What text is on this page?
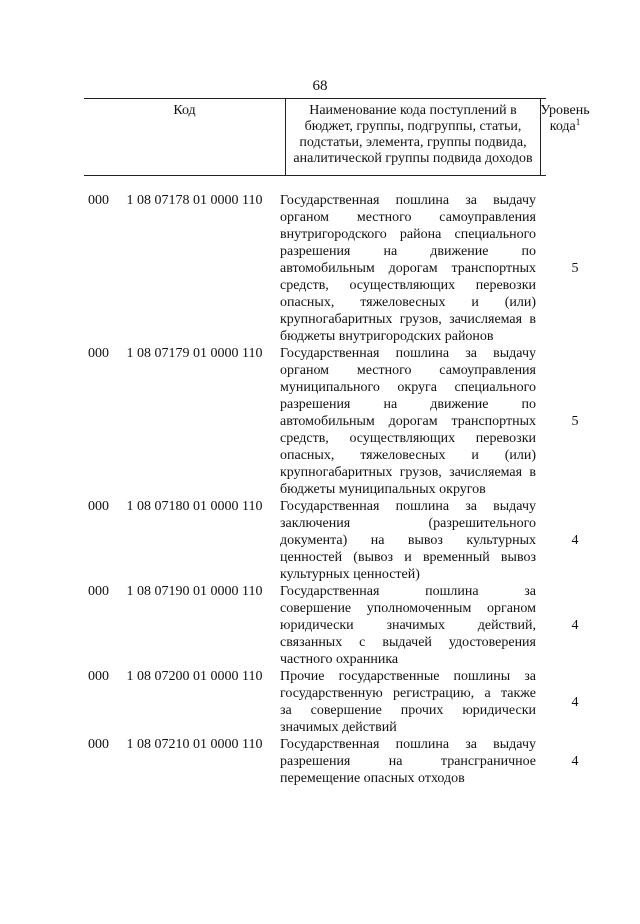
68
Код	Наименование кода поступлений в
бюджет, группы, подгруппы, статьи,
подстатьи, элемента, группы подвида,
аналитической группы подвида доходов
Уровень
кода$^1$
000     1 08 07178 01 0000 110 Государственная пошлина за выдачу
органом местного самоуправления
внутригородского района специального
разрешения на движение по
автомобильным дорогам транспортных
средств, осуществляющих перевозки
опасных, тяжеловесных и (или)
крупногабаритных грузов, зачисляемая в
бюджеты внутригородских районов
5
000     1 08 07179 01 0000 110 Государственная пошлина за выдачу
органом местного самоуправления
муниципального округа специального
разрешения на движение по
автомобильным дорогам транспортных
средств, осуществляющих перевозки
опасных, тяжеловесных и (или)
крупногабаритных грузов, зачисляемая в
бюджеты муниципальных округов
5
000     1 08 07180 01 0000 110 Государственная пошлина за выдачу
заключения (разрешительного
документа) на вывоз культурных
ценностей (вывоз и временный вывоз
культурных ценностей)
4
000     1 08 07190 01 0000 110 Государственная пошлина за
совершение уполномоченным органом
юридически значимых действий,
связанных с выдачей удостоверения
частного охранника
4
000     1 08 07200 01 0000 110 Прочие государственные пошлины за
государственную регистрацию, а также
за совершение прочих юридически
значимых действий
4
000     1 08 07210 01 0000 110 Государственная пошлина за выдачу
разрешения на трансграничное
перемещение опасных отходов
4
